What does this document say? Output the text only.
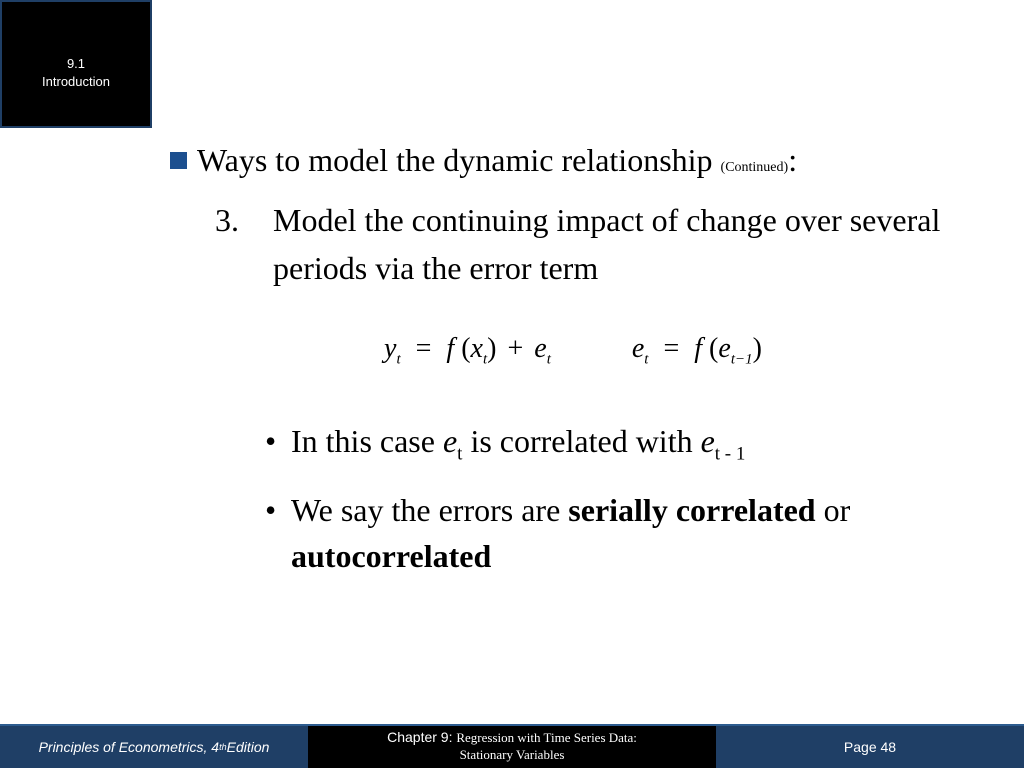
9.1
Introduction
Ways to model the dynamic relationship (Continued):
3. Model the continuing impact of change over several periods via the error term
$y_t = f$ $(x_t) + e_t$	$e_t = f$ $(e_{t-1})$
• In this case $e_t$ is correlated with $e_{t - 1}$
• We say the errors are serially correlated or autocorrelated
Principles of Econometrics, 4 th Edition
Chapter 9: Regression with Time Series Data:
Stationary Variables	Page 48
